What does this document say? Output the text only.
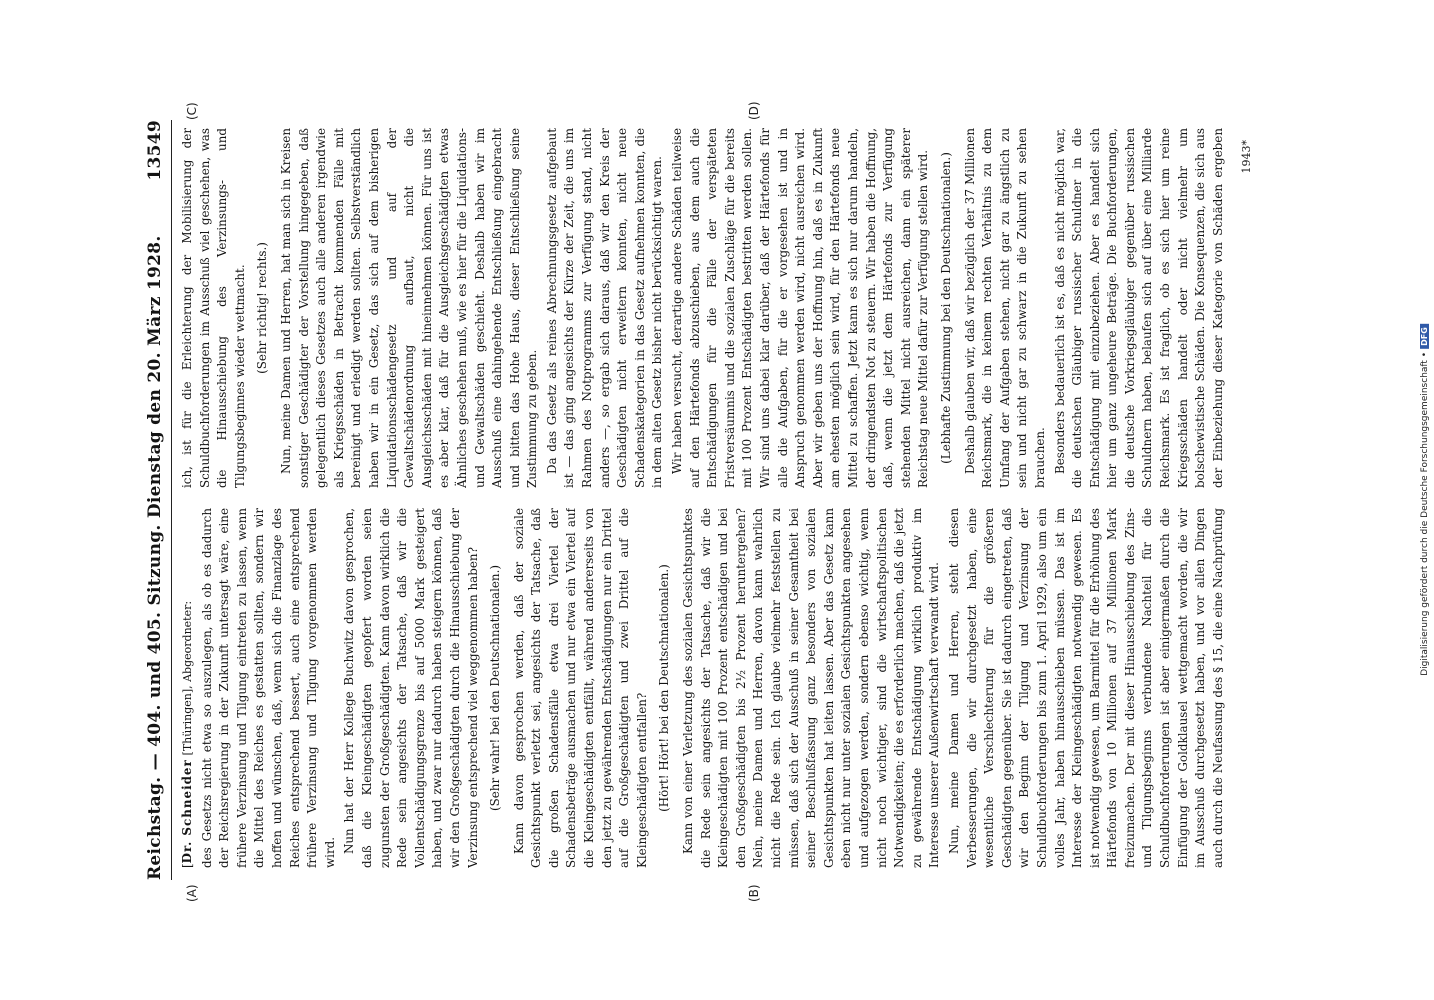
Reichstag. — 404. und 405. Sitzung. Dienstag den 20. März 1928.
13549
(A)	(B)
(C)	(D)

[Dr. Schneider [Thüringen], Abgeordneter: des Gesetzs nicht etwa so auszulegen, als ob es dadurch der Reichsregierung in der Zukunft untersagt wäre, eine frühere Verzinsung und Tilgung eintreten zu lassen, wenn die Mittel des Reiches es gestatten sollten, sondern wir hoffen und wünschen, daß, wenn sich die Finanzlage des Reiches entsprechend bessert, auch eine entsprechend frühere Verzinsung und Tilgung vorgenommen werden wird. Nun hat der Herr Kollege Buchwitz davon gesprochen, daß die Kleingeschädigten geopfert worden seien zugunsten der Großgeschädigten. Kann davon wirklich die Rede sein angesichts der Tatsache, daß wir die Vollentschädigungsgrenze bis auf 5000 Mark gesteigert haben, und zwar nur dadurch haben steigern können, daß wir den Großgeschädigten durch die Hinausschiebung der Verzinsung entsprechend viel weggenommen haben? (Sehr wahr! bei den Deutschnationalen.) Kann davon gesprochen werden, daß der soziale Gesichtspunkt verletzt sei, angesichts der Tatsache, daß die großen Schadensfälle etwa drei Viertel der Schadensbeträge ausmachen und nur etwa ein Viertel auf die Kleingeschädigten entfällt, während andererseits von den jetzt zu gewährenden Entschädigungen nur ein Drittel auf die Großgeschädigten und zwei Drittel auf die Kleingeschädigten entfallen? (Hört! Hört! bei den Deutschnationalen.) Kann von einer Verletzung des sozialen Gesichtspunktes die Rede sein angesichts der Tatsache, daß wir die Kleingeschädigten mit 100 Prozent entschädigen und bei den Großgeschädigten bis 2½ Prozent heruntergehen? Nein, meine Damen und Herren, davon kann wahrlich nicht die Rede sein. Ich glaube vielmehr feststellen zu müssen, daß sich der Ausschuß in seiner Gesamtheit bei seiner Beschlußfassung ganz besonders von sozialen Gesichtspunkten hat leiten lassen. Aber das Gesetz kann eben nicht nur unter sozialen Gesichtspunkten angesehen und aufgezogen werden, sondern ebenso wichtig, wenn nicht noch wichtiger, sind die wirtschaftspolitischen Notwendigkeiten; die es erforderlich machen, daß die jetzt zu gewährende Entschädigung wirklich produktiv im Interesse unserer Außenwirtschaft verwandt wird. Nun, meine Damen und Herren, steht diesen Verbesserungen, die wir durchgesetzt haben, eine wesentliche Verschlechterung für die größeren Geschädigten gegenüber. Sie ist dadurch eingetreten, daß wir den Beginn der Tilgung und Verzinsung der Schuldbuchforderungen bis zum 1. April 1929, also um ein volles Jahr, haben hinausschieben müssen. Das ist im Interesse der Kleingeschädigten notwendig gewesen. Es ist notwendig gewesen, um Barmittel für die Erhöhung des Härtefonds von 10 Millionen auf 37 Millionen Mark freizumachen. Der mit dieser Hinausschiebung des Zins- und Tilgungsbeginns verbundene Nachteil für die Schuldbuchforderungen ist aber einigermaßen durch die Einfügung der Goldklausel wettgemacht worden, die wir im Ausschuß durchgesetzt haben, und vor allen Dingen auch durch die Neufassung des § 15, die eine Nachprüfung

ich, ist für die Erleichterung der Mobilisierung der Schuldbuchforderungen im Ausschuß viel geschehen, was die Hinausschiebung des Verzinsungs- und Tilgungsbeginnes wieder wettmacht. (Sehr richtig! rechts.) Nun, meine Damen und Herren, hat man sich in Kreisen sonstiger Geschädigter der Vorstellung hingegeben, daß gelegentlich dieses Gesetzes auch alle anderen irgendwie als Kriegsschäden in Betracht kommenden Fälle mit bereinigt und erledigt werden sollten. Selbstverständlich haben wir in ein Gesetz, das sich auf dem bisherigen Liquidationsschädengesetz und auf der Gewaltschädenordnung aufbaut, nicht die Ausgleichsschäden mit hineinnehmen können. Für uns ist es aber klar, daß für die Ausgleichsgeschädigten etwas Ähnliches geschehen muß, wie es hier für die Liquidations- und Gewaltschäden geschieht. Deshalb haben wir im Ausschuß eine dahingehende Entschließung eingebracht und bitten das Hohe Haus, dieser Entschließung seine Zustimmung zu geben. Da das Gesetz als reines Abrechnungsgesetz aufgebaut ist — das ging angesichts der Kürze der Zeit, die uns im Rahmen des Notprogramms zur Verfügung stand, nicht anders —, so ergab sich daraus, daß wir den Kreis der Geschädigten nicht erweitern konnten, nicht neue Schadenskategorien in das Gesetz aufnehmen konnten, die in dem alten Gesetz bisher nicht berücksichtigt waren. Wir haben versucht, derartige andere Schäden teilweise auf den Härtefonds abzuschieben, aus dem auch die Entschädigungen für die Fälle der verspäteten Fristversäumnis und die sozialen Zuschläge für die bereits mit 100 Prozent Entschädigten bestritten werden sollen. Wir sind uns dabei klar darüber, daß der Härtefonds für alle die Aufgaben, für die er vorgesehen ist und in Anspruch genommen werden wird, nicht ausreichen wird. Aber wir geben uns der Hoffnung hin, daß es in Zukunft am ehesten möglich sein wird, für den Härtefonds neue Mittel zu schaffen. Jetzt kann es sich nur darum handeln, der dringendsten Not zu steuern. Wir haben die Hoffnung, daß, wenn die jetzt dem Härtefonds zur Verfügung stehenden Mittel nicht ausreichen, dann ein späterer Reichstag neue Mittel dafür zur Verfügung stellen wird. (Lebhafte Zustimmung bei den Deutschnationalen.) Deshalb glauben wir, daß wir bezüglich der 37 Millionen Reichsmark, die in keinem rechten Verhältnis zu dem Umfang der Aufgaben stehen, nicht gar zu ängstlich zu sein und nicht gar zu schwarz in die Zukunft zu sehen brauchen. Besonders bedauerlich ist es, daß es nicht möglich war, die deutschen Gläubiger russischer Schuldner in die Entschädigung mit einzubeziehen. Aber es handelt sich hier um ganz ungeheure Beträge. Die Buchforderungen, die deutsche Vorkriegsgläubiger gegenüber russischen Schuldnern haben, belaufen sich auf über eine Milliarde Reichsmark. Es ist fraglich, ob es sich hier um reine Kriegsschäden handelt oder nicht vielmehr um bolschewistische Schäden. Die Konsequenzen, die sich aus der Einbeziehung dieser Kategorie von Schäden ergeben	1943*
Digitalisierung gefördert durch die Deutsche Forschungsgemeinschaft •DFG
